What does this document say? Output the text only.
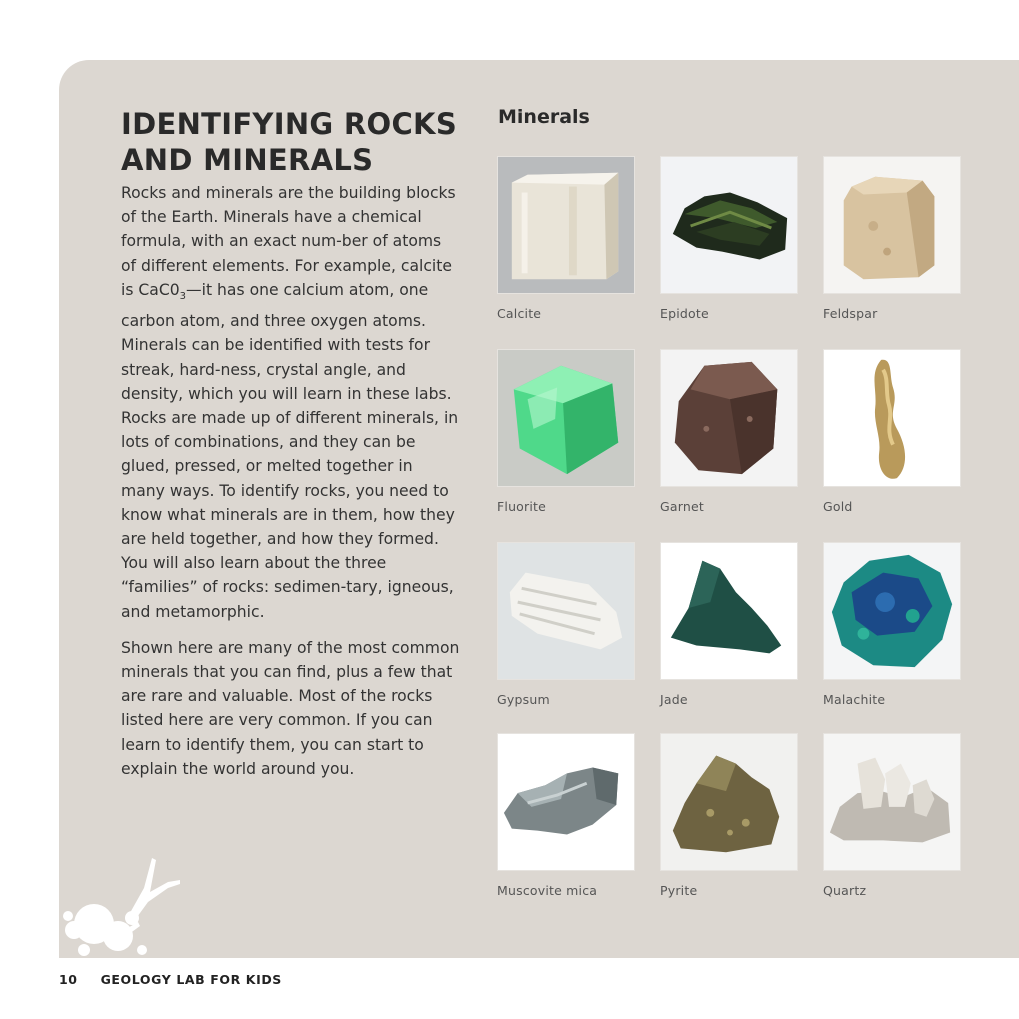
IDENTIFYING ROCKS
AND MINERALS

Rocks and minerals are the building blocks of the Earth. Minerals have a chemical formula, with an exact num-ber of atoms of different elements. For example, calcite is $CaC0_3—it$ has one calcium atom, one carbon atom, and three oxygen atoms. Minerals can be identified with tests for streak, hard-ness, crystal angle, and density, which you will learn in these labs. Rocks are made up of different minerals, in lots of combinations, and they can be glued, pressed, or melted together in many ways. To identify rocks, you need to know what minerals are in them, how they are held together, and how they formed. You will also learn about the three “families” of rocks: sedimen-tary, igneous, and metamorphic.

Shown here are many of the most common minerals that you can find, plus a few that are rare and valuable. Most of the rocks listed here are very common. If you can learn to identify them, you can start to explain the world around you.

Minerals
Calcite	Epidote	Feldspar
Fluorite	Garnet	Gold
Gypsum	Jade	Malachite
Muscovite mica	Pyrite	Quartz
10 GEOLOGY LAB FOR KIDS
